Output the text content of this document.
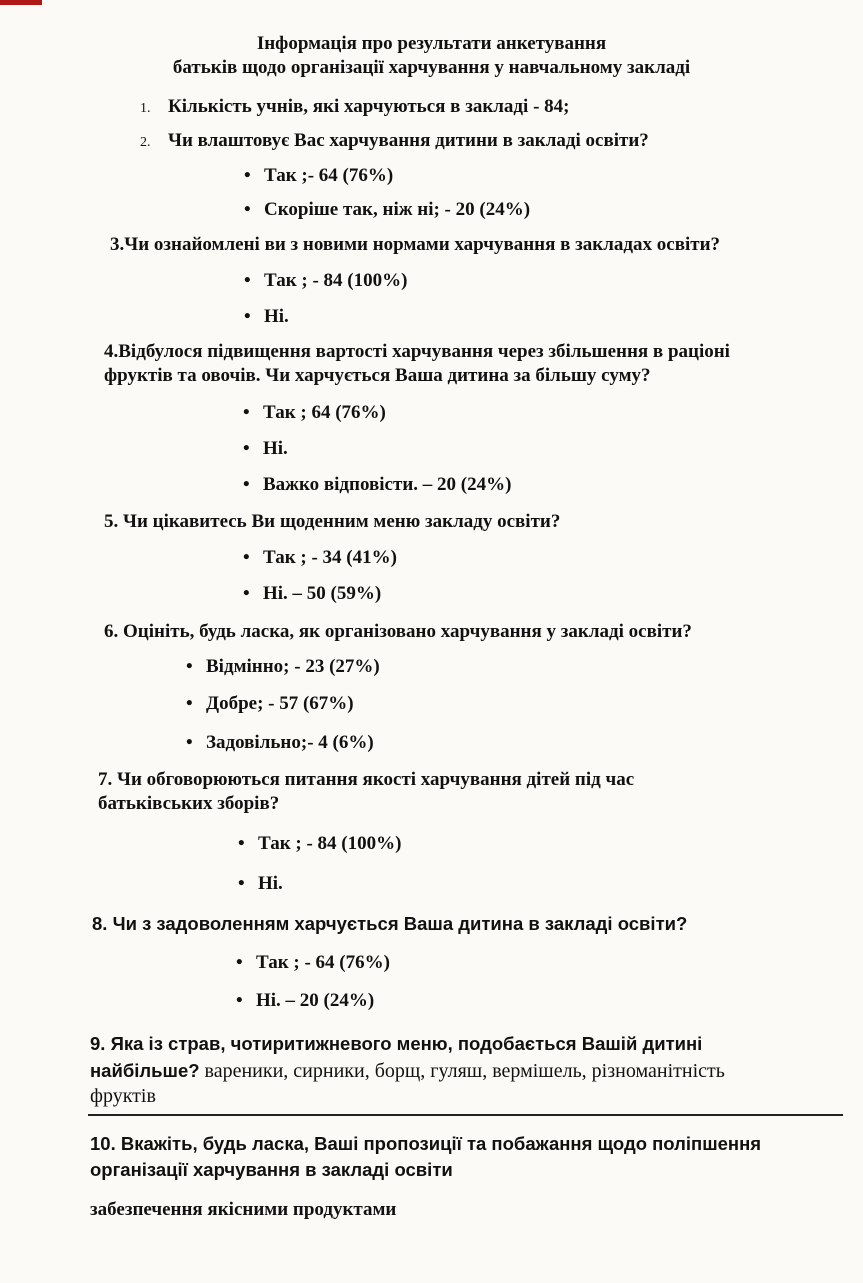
Інформація про результати анкетування
батьків щодо організації харчування у навчальному закладі
1. Кількість учнів, які харчуються в закладі - 84;
2. Чи влаштовує Вас харчування дитини в закладі освіти?
• Так ;- 64 (76%)
• Скоріше так, ніж ні; - 20 (24%)
3.Чи ознайомлені ви з новими нормами харчування в закладах освіти?
• Так ; - 84 (100%)
• Ні.
4.Відбулося підвищення вартості харчування через збільшення в раціоні
фруктів та овочів. Чи харчується Ваша дитина за більшу суму?
• Так ; 64 (76%)
• Ні.
• Важко відповісти. – 20 (24%)
5. Чи цікавитесь Ви щоденним меню закладу освіти?
• Так ; - 34 (41%)
• Ні. – 50 (59%)
6. Оцініть, будь ласка, як організовано харчування у закладі освіти?
• Відмінно; - 23 (27%)
• Добре; - 57 (67%)
• Задовільно;- 4 (6%)
7. Чи обговорюються питання якості харчування дітей під час
батьківських зборів?
• Так ; - 84 (100%)
• Ні.
8. Чи з задоволенням харчується Ваша дитина в закладі освіти?
• Так ; - 64 (76%)
• Ні. – 20 (24%)
9. Яка із страв, чотиритижневого меню, подобається Вашій дитині
найбільше? вареники, сирники, борщ, гуляш, вермішель, різноманітність
фруктів
10. Вкажіть, будь ласка, Ваші пропозиції та побажання щодо поліпшення
організації харчування в закладі освіти
забезпечення якісними продуктами
